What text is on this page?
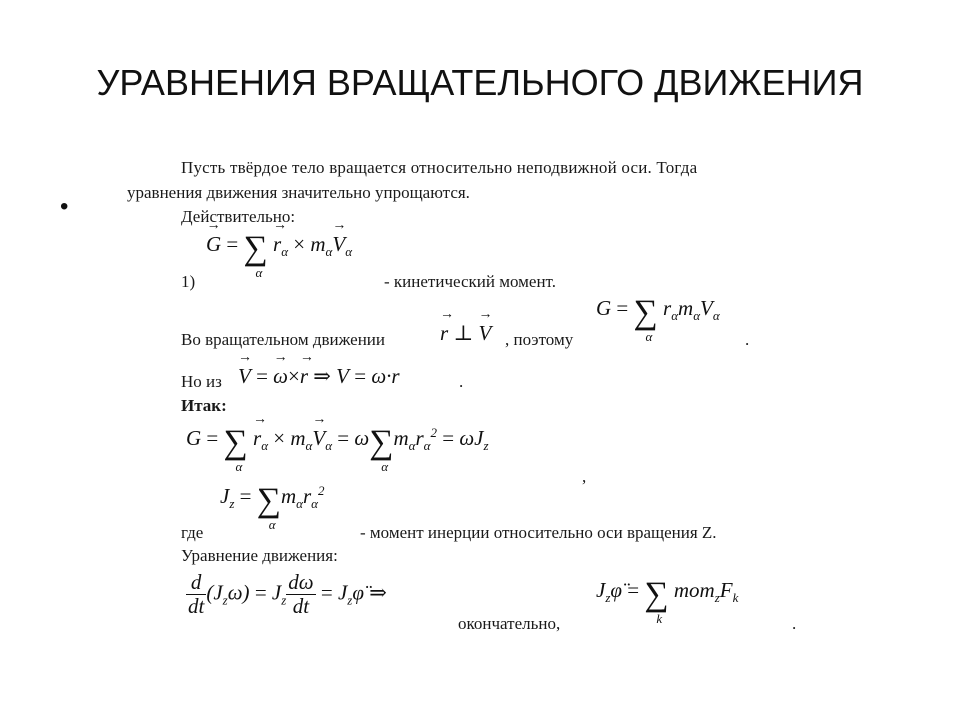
УРАВНЕНИЯ ВРАЩАТЕЛЬНОГО ДВИЖЕНИЯ
•
Пусть твёрдое тело вращается относительно неподвижной оси. Тогда
уравнения движения значительно упрощаются.
Действительно:
→ G = ∑
α
→ $r_\alpha \times m_\alpha\to V_\alpha$
1)	- кинетический момент.
Во вращательном движении	→ r ⊥ → V , поэтому
G = ∑
α
$r_\alpha m_\alpha V_\alpha$
.
Но из → V = → ω×→ r ⇒ V = ω·r	.
Итак:
G = ∑
α
→ $r_\alpha \times m_\alpha\to V_\alpha = \omega\sum$
α
$m_\alpha r_\alpha^2 = \omega J_z$
,
$J_z$ = ∑
α
$m_\alpha r_\alpha^2$
где	- момент инерции относительно оси вращения Z.
Уравнение движения:
$\frac{d}{dt} (J_z\omega) = J_z \frac{d\omega}{dt}$ = $J_z\varphï$ ⇒
окончательно,
$J_z\varphï$ = ∑
k
$mom_zF_k$
.
